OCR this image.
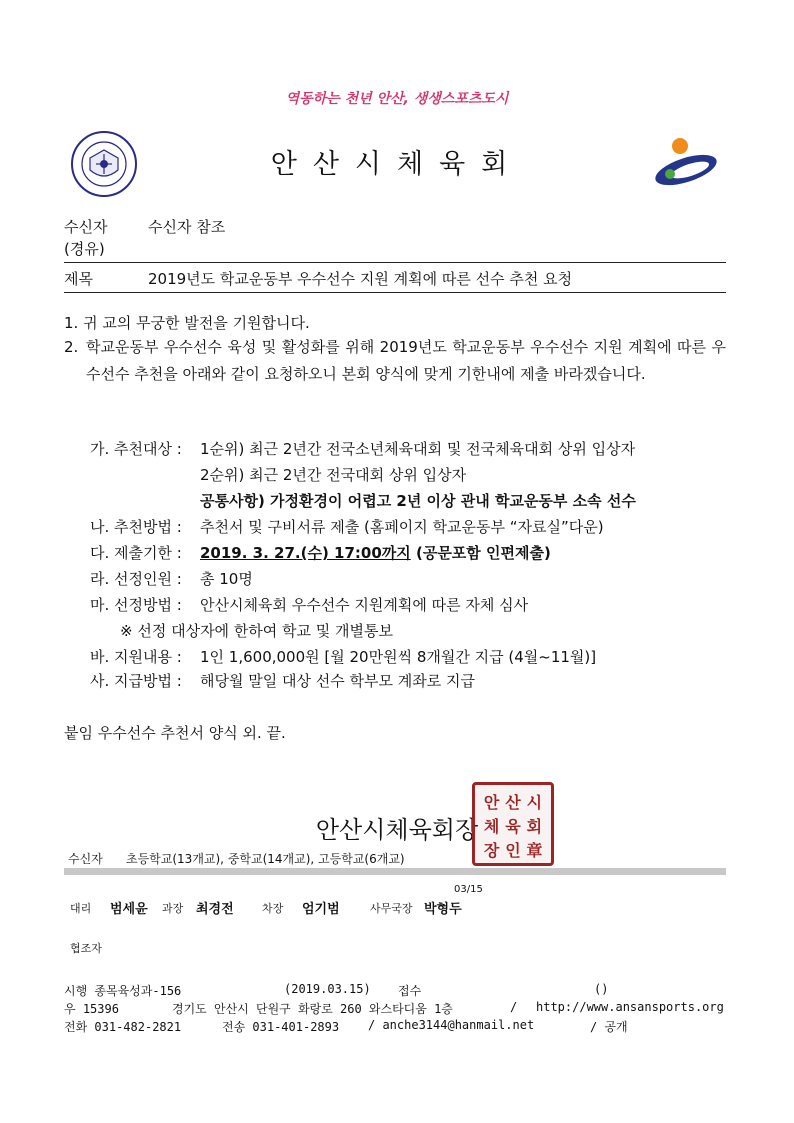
역동하는 천년 안산, 생생스포츠도시
안산시체육회
수신자	수신자 참조
(경유)
제목	2019년도 학교운동부 우수선수 지원 계획에 따른 선수 추천 요청
1. 귀 교의 무궁한 발전을 기원합니다.
2. 학교운동부 우수선수 육성 및 활성화를 위해 2019년도 학교운동부 우수선수 지원 계획에 따른 우수선수 추천을 아래와 같이 요청하오니 본회 양식에 맞게 기한내에 제출 바라겠습니다.
가. 추천대상 : 1순위) 최근 2년간 전국소년체육대회 및 전국체육대회 상위 입상자
2순위) 최근 2년간 전국대회 상위 입상자
공통사항) 가정환경이 어렵고 2년 이상 관내 학교운동부 소속 선수
나. 추천방법 : 추천서 및 구비서류 제출 (홈페이지 학교운동부 “자료실”다운)
다. 제출기한 : 2019. 3. 27.(수) 17:00까지 (공문포함 인편제출)
라. 선정인원 : 총 10명
마. 선정방법 : 안산시체육회 우수선수 지원계획에 따른 자체 심사
※ 선정 대상자에 한하여 학교 및 개별통보
바. 지원내용 : 1인 1,600,000원 [월 20만원씩 8개월간 지급 (4월~11월)]
사. 지급방법 : 해당월 말일 대상 선수 학부모 계좌로 지급
붙임 우수선수 추천서 양식 외. 끝.
안산시체육회장
안 산 시
체 육 회
장 인 章
수신자 초등학교(13개교), 중학교(14개교), 고등학교(6개교)
03/15
대리 범세윤 과장 최경전	차장 엄기범	사무국장 박형두
협조자
시행 종목육성과-156	(2019.03.15) 접수	()
우 15396	경기도 안산시 단원구 화랑로 260 와스타디움 1층	/ http://www.ansansports.org
전화 031-482-2821	전송 031-401-2893 / anche3144@hanmail.net	/ 공개
